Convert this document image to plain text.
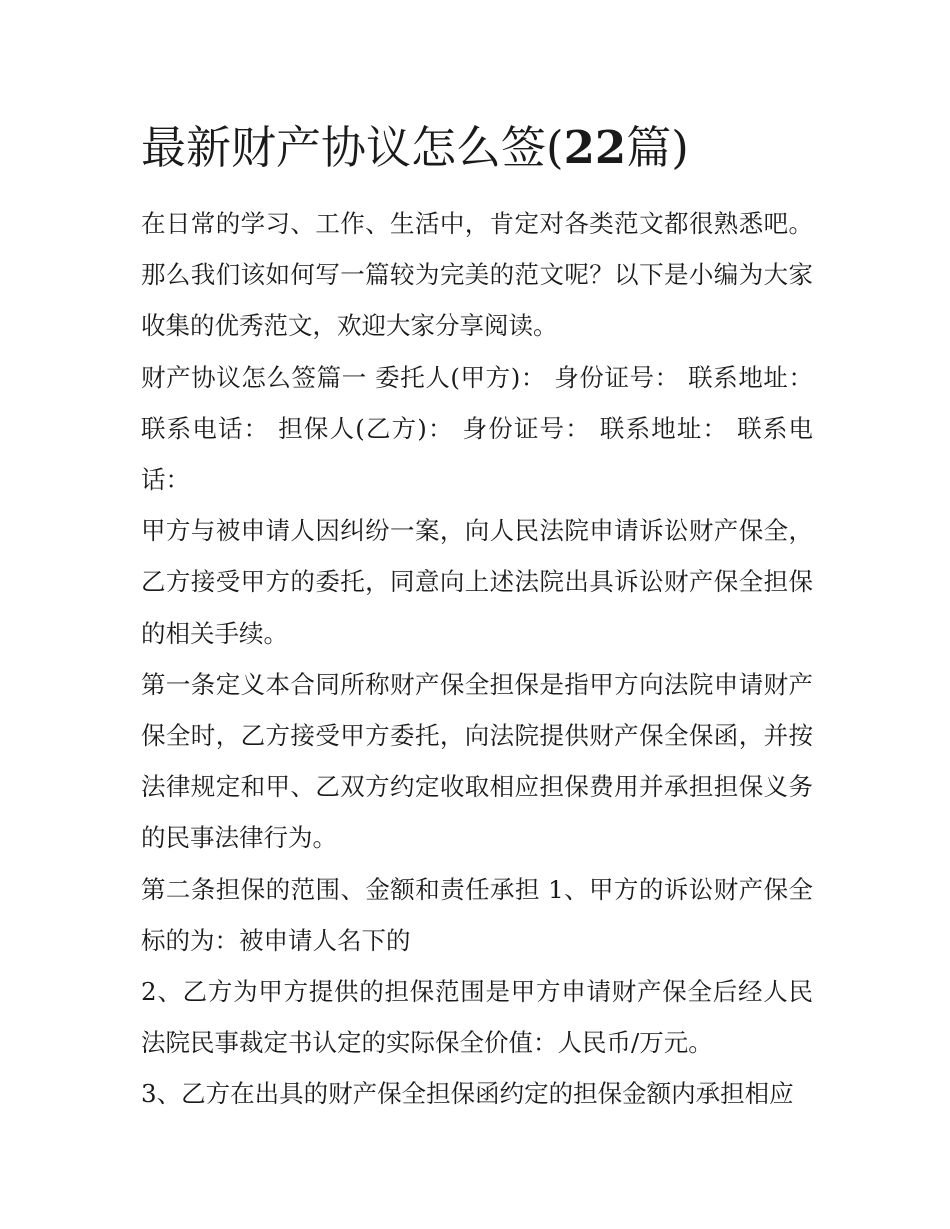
最新财产协议怎么签(22篇)

在日常的学习、工作、生活中，肯定对各类范文都很熟悉吧。那么我们该如何写一篇较为完美的范文呢？以下是小编为大家收集的优秀范文，欢迎大家分享阅读。

财产协议怎么签篇一 委托人(甲方)： 身份证号： 联系地址： 联系电话： 担保人(乙方)： 身份证号： 联系地址： 联系电话：

甲方与被申请人因纠纷一案，向人民法院申请诉讼财产保全，乙方接受甲方的委托，同意向上述法院出具诉讼财产保全担保的相关手续。

第一条定义本合同所称财产保全担保是指甲方向法院申请财产保全时，乙方接受甲方委托，向法院提供财产保全保函，并按法律规定和甲、乙双方约定收取相应担保费用并承担担保义务的民事法律行为。

第二条担保的范围、金额和责任承担 1、甲方的诉讼财产保全标的为：被申请人名下的

2、乙方为甲方提供的担保范围是甲方申请财产保全后经人民法院民事裁定书认定的实际保全价值：人民币/万元。

3、乙方在出具的财产保全担保函约定的担保金额内承担相应
